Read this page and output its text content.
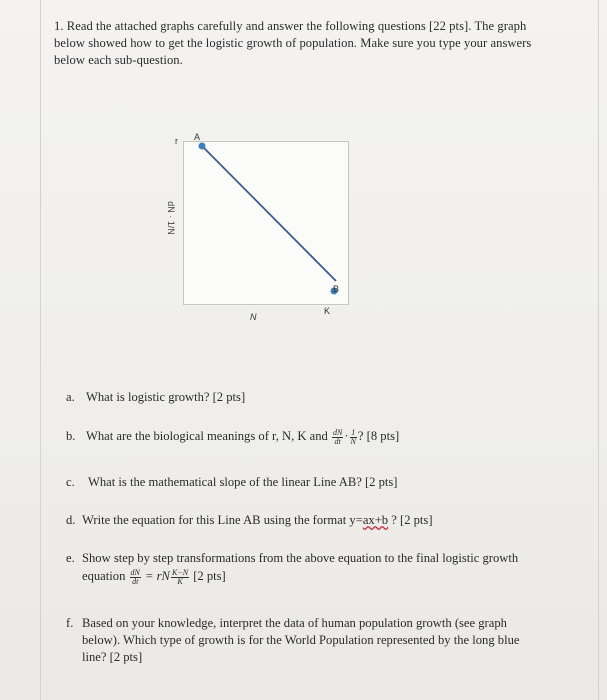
1. Read the attached graphs carefully and answer the following questions [22 pts]. The graph

below showed how to get the logistic growth of population. Make sure you type your answers

below each sub-question.

r A
B
K
N
dN · 1/N
a. What is logistic growth? [2 pts]
b. What are the biological meanings of r, N, K and $\frac{dN}{dt} \cdot \frac{1}{N}$ ? [8 pts]
c. What is the mathematical slope of the linear Line AB? [2 pts]
d. Write the equation for this Line AB using the format y=ax+b ? [2 pts]
e. Show step by step transformations from the above equation to the final logistic growth
equation $\frac{dN}{dt}$ = rN $\frac{K-N}{K} [2$ pts]
f. Based on your knowledge, interpret the data of human population growth (see graph
below). Which type of growth is for the World Population represented by the long blue
line? [2 pts]
